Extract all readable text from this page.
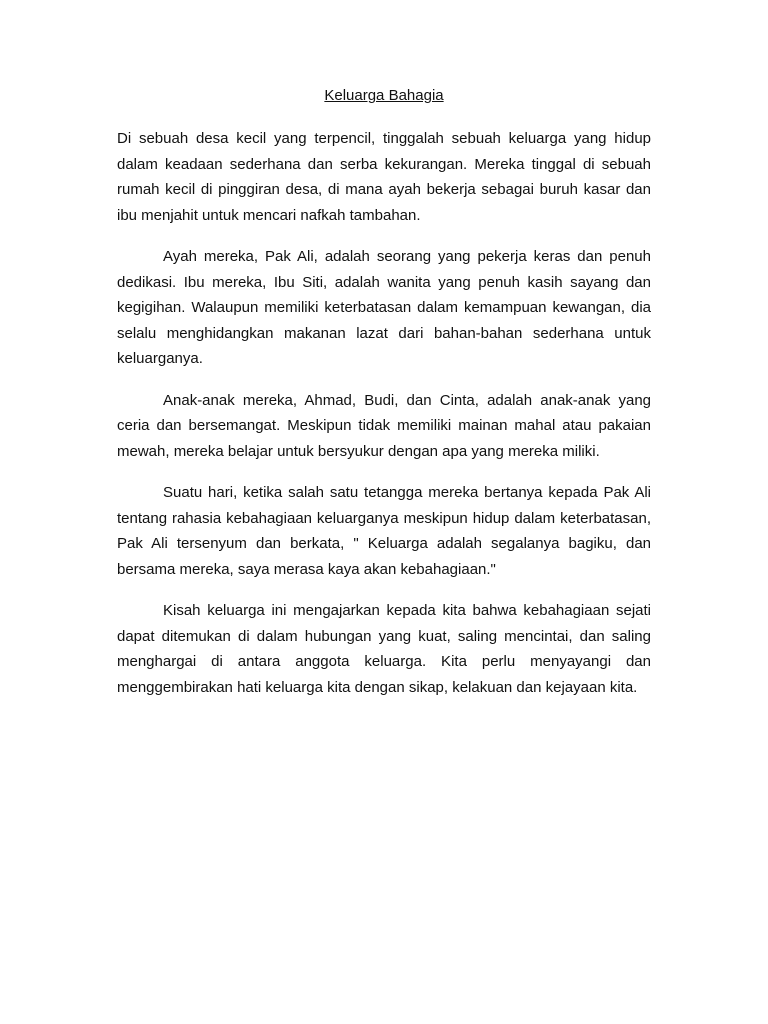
Keluarga Bahagia

Di sebuah desa kecil yang terpencil, tinggalah sebuah keluarga yang hidup dalam keadaan sederhana dan serba kekurangan. Mereka tinggal di sebuah rumah kecil di pinggiran desa, di mana ayah bekerja sebagai buruh kasar dan ibu menjahit untuk mencari nafkah tambahan.

Ayah mereka, Pak Ali, adalah seorang yang pekerja keras dan penuh dedikasi. Ibu mereka, Ibu Siti, adalah wanita yang penuh kasih sayang dan kegigihan. Walaupun memiliki keterbatasan dalam kemampuan kewangan, dia selalu menghidangkan makanan lazat dari bahan-bahan sederhana untuk keluarganya.

Anak-anak mereka, Ahmad, Budi, dan Cinta, adalah anak-anak yang ceria dan bersemangat. Meskipun tidak memiliki mainan mahal atau pakaian mewah, mereka belajar untuk bersyukur dengan apa yang mereka miliki.

Suatu hari, ketika salah satu tetangga mereka bertanya kepada Pak Ali tentang rahasia kebahagiaan keluarganya meskipun hidup dalam keterbatasan, Pak Ali tersenyum dan berkata, " Keluarga adalah segalanya bagiku, dan bersama mereka, saya merasa kaya akan kebahagiaan."

Kisah keluarga ini mengajarkan kepada kita bahwa kebahagiaan sejati dapat ditemukan di dalam hubungan yang kuat, saling mencintai, dan saling menghargai di antara anggota keluarga. Kita perlu menyayangi dan menggembirakan hati keluarga kita dengan sikap, kelakuan dan kejayaan kita.
